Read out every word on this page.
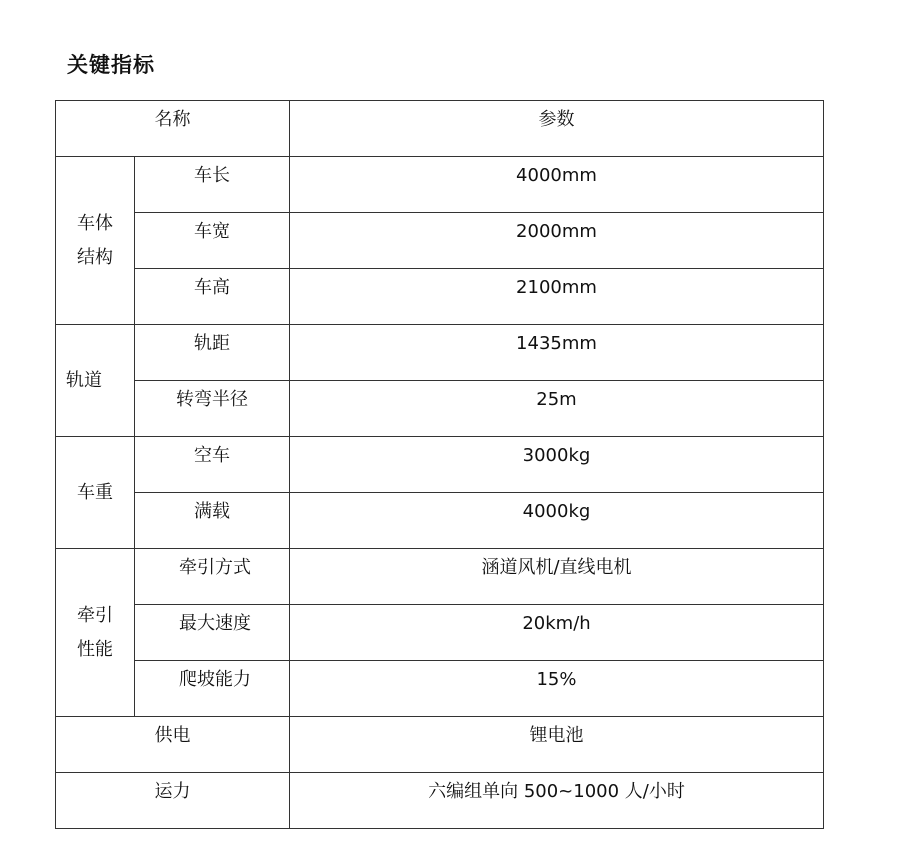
关键指标
名称		参数

车体结构	车长	4000mm

	车宽	2000mm

	车高	2100mm

轨道	轨距	1435mm

	转弯半径	25m

车重	空车	3000kg

	满载	4000kg

牵引性能	牵引方式	涵道风机/直线电机

	最大速度	20km/h

	爬坡能力	15%

供电		锂电池

运力		六编组单向 500~1000 人/小时
